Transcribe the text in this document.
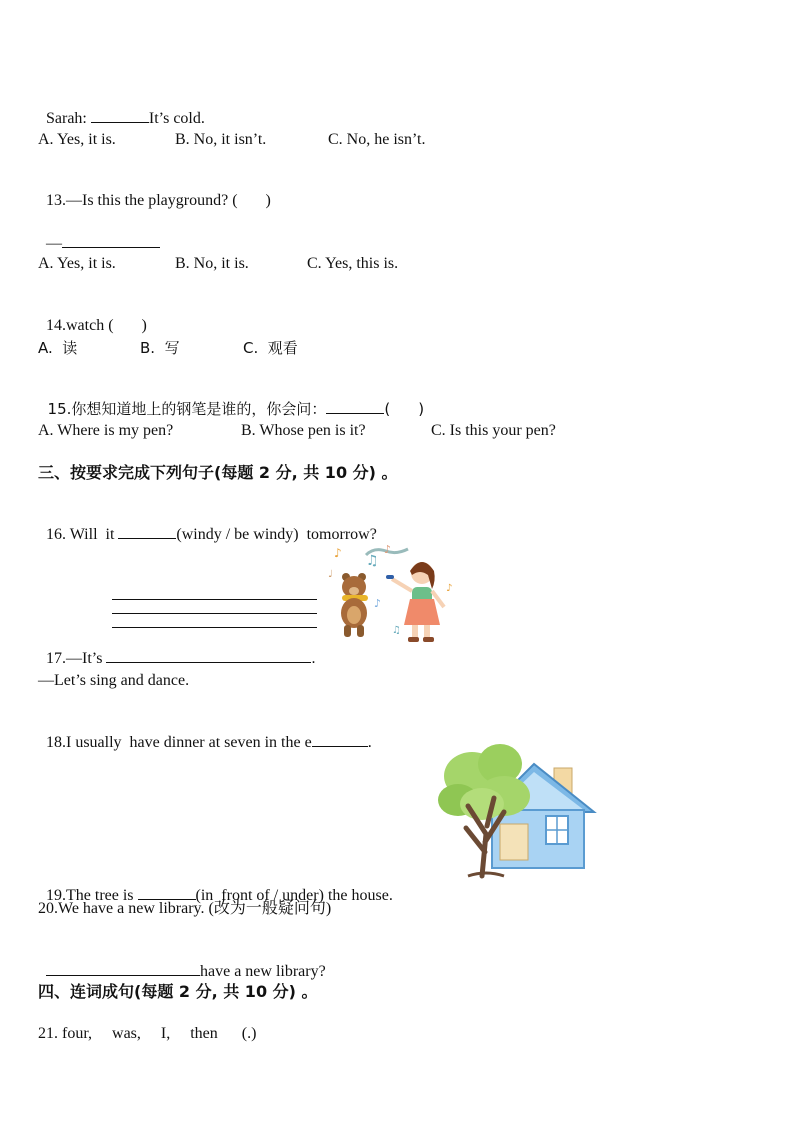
Sarah:	It’s cold.

A. Yes, it is.	B. No, it isn’t.	C. No, he isn’t.

13.—Is this the playground? ( )

—

A. Yes, it is.	B. No, it is.	C. Yes, this is.

14.watch ( )

A.  读	B.  写	C.  观看

15.你想知道地上的钢笔是谁的，你会问：	( )

A. Where is my pen?	B. Whose pen is it?	C. Is this your pen?
三、按要求完成下列句子(每题 2 分, 共 10 分) 。

16. Will  it	(windy / be windy)  tomorrow?

17.—It’s	.

—Let’s sing and dance.
♪ ♫
♪
♩
♪
♫
♪

18.I usually  have dinner at seven in the e	.

19.The tree is	(in  front of / under) the house.

20.We have a new library. (改为一般疑问句)

have a new library?

四、连词成句(每题 2 分, 共 10 分) 。
21. four,     was,     I,     then      (.)
